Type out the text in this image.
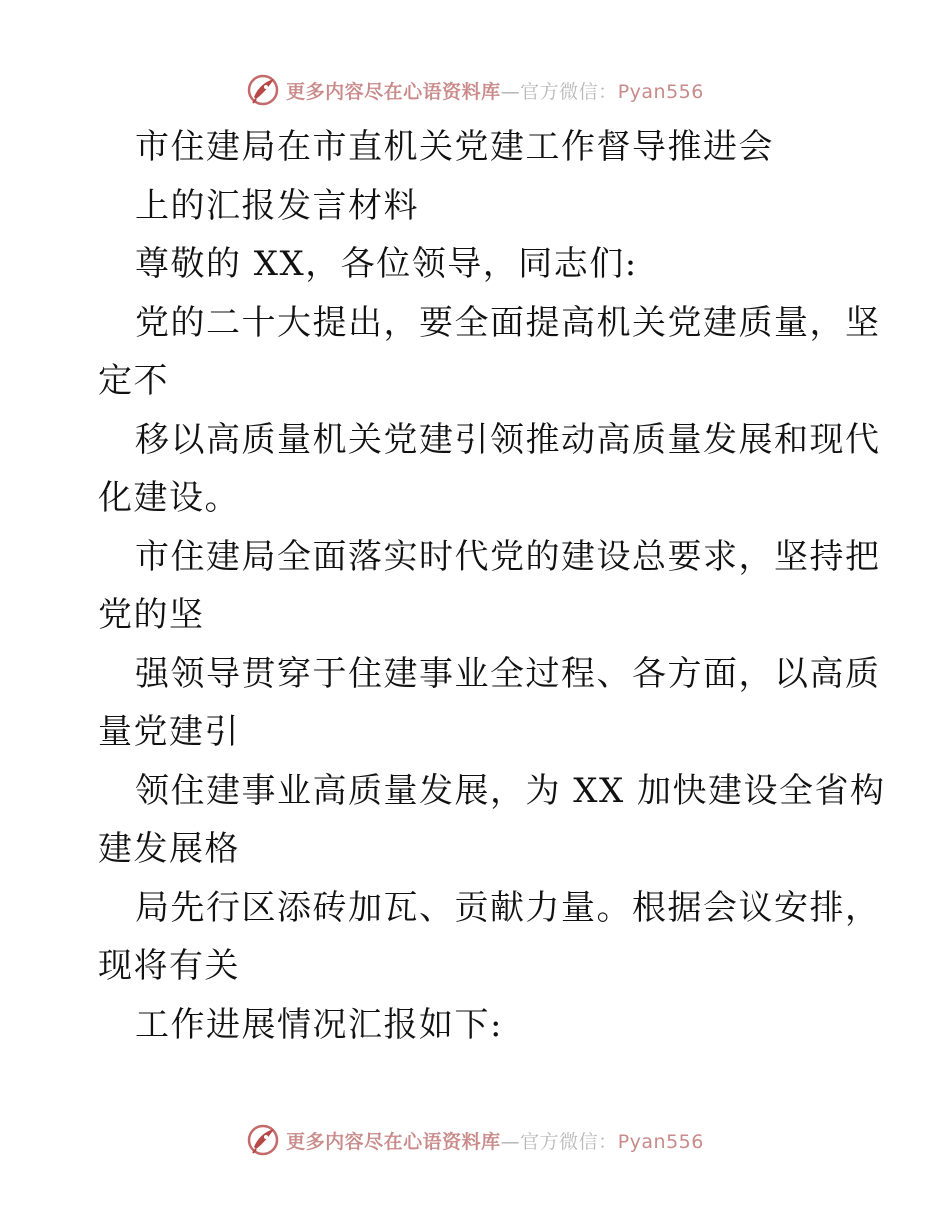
更多内容尽在心语资料库—官方微信：Pyan556
市住建局在市直机关党建工作督导推进会
上的汇报发言材料
尊敬的 XX，各位领导，同志们:
党的二十大提出，要全面提高机关党建质量，坚
定不
移以高质量机关党建引领推动高质量发展和现代
化建设。
市住建局全面落实时代党的建设总要求，坚持把
党的坚
强领导贯穿于住建事业全过程、各方面，以高质
量党建引
领住建事业高质量发展，为 XX 加快建设全省构
建发展格
局先行区添砖加瓦、贡献力量。根据会议安排，
现将有关
工作进展情况汇报如下:
更多内容尽在心语资料库—官方微信：Pyan556
